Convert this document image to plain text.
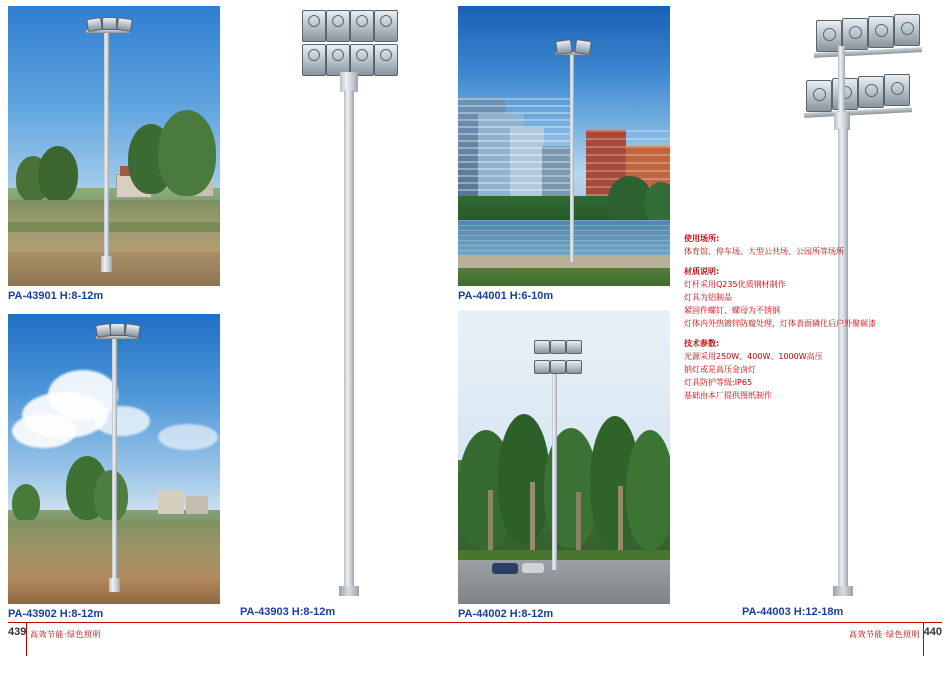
PA-43901 H:8-12m
PA-43902 H:8-12m	PA-43903 H:8-12m
PA-44001 H:6-10m
PA-44002 H:8-12m	PA-44003 H:12-18m
使用场所:
体育馆、停车场、大型公共场、公园所等场所
材质说明:
灯杆采用Q235优质钢材制作
灯具为铝制品
紧固件螺钉、螺母为不锈钢
灯体内外热镀锌防腐处理，灯体表面磷化后户外聚碳漆
技术参数:
光源采用250W、400W、1000W高压
钠灯或是高压金卤灯
灯具防护等级:IP65
基础由本厂提供图纸制作
439 高效节能·绿色照明	440
高效节能·绿色照明
